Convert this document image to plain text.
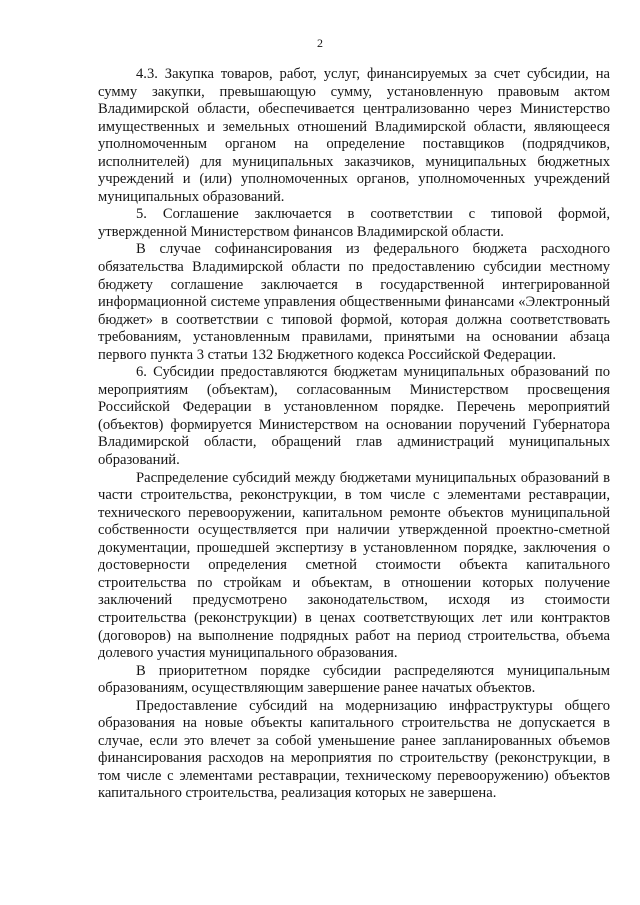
2

4.3. Закупка товаров, работ, услуг, финансируемых за счет субсидии, на сумму закупки, превышающую сумму, установленную правовым актом Владимирской области, обеспечивается централизованно через Министерство имущественных и земельных отношений Владимирской области, являющееся уполномоченным органом на определение поставщиков (подрядчиков, исполнителей) для муниципальных заказчиков, муниципальных бюджетных учреждений и (или) уполномоченных органов, уполномоченных учреждений муниципальных образований.

5. Соглашение заключается в соответствии с типовой формой, утвержденной Министерством финансов Владимирской области.

В случае софинансирования из федерального бюджета расходного обязательства Владимирской области по предоставлению субсидии местному бюджету соглашение заключается в государственной интегрированной информационной системе управления общественными финансами «Электронный бюджет» в соответствии с типовой формой, которая должна соответствовать требованиям, установленным правилами, принятыми на основании абзаца первого пункта 3 статьи 132 Бюджетного кодекса Российской Федерации.

6. Субсидии предоставляются бюджетам муниципальных образований по мероприятиям (объектам), согласованным Министерством просвещения Российской Федерации в установленном порядке. Перечень мероприятий (объектов) формируется Министерством на основании поручений Губернатора Владимирской области, обращений глав администраций муниципальных образований.

Распределение субсидий между бюджетами муниципальных образований в части строительства, реконструкции, в том числе с элементами реставрации, технического перевооружении, капитальном ремонте объектов муниципальной собственности осуществляется при наличии утвержденной проектно-сметной документации, прошедшей экспертизу в установленном порядке, заключения о достоверности определения сметной стоимости объекта капитального строительства по стройкам и объектам, в отношении которых получение заключений предусмотрено законодательством, исходя из стоимости строительства (реконструкции) в ценах соответствующих лет или контрактов (договоров) на выполнение подрядных работ на период строительства, объема долевого участия муниципального образования.

В приоритетном порядке субсидии распределяются муниципальным образованиям, осуществляющим завершение ранее начатых объектов.

Предоставление субсидий на модернизацию инфраструктуры общего образования на новые объекты капитального строительства не допускается в случае, если это влечет за собой уменьшение ранее запланированных объемов финансирования расходов на мероприятия по строительству (реконструкции, в том числе с элементами реставрации, техническому перевооружению) объектов капитального строительства, реализация которых не завершена.
